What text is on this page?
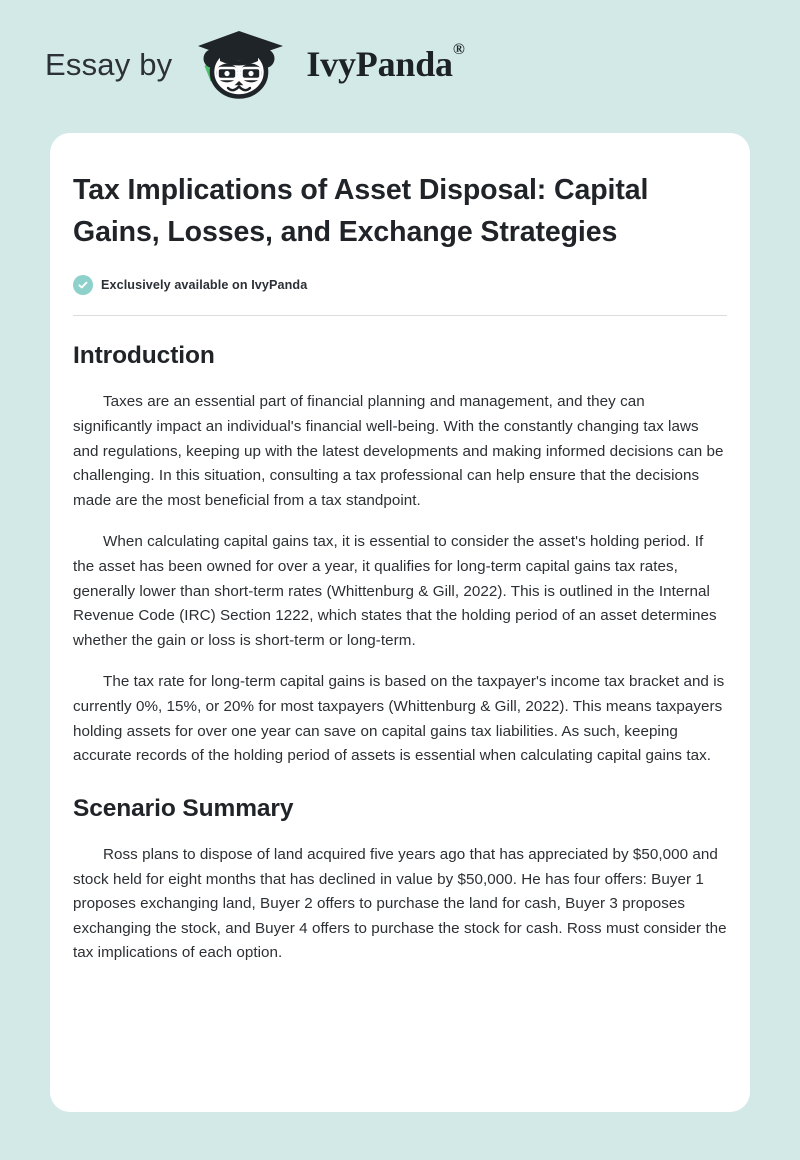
Essay by	IvyPanda®
Tax Implications of Asset Disposal: Capital Gains, Losses, and Exchange Strategies
Exclusively available on IvyPanda
Introduction

Taxes are an essential part of financial planning and management, and they can significantly impact an individual's financial well-being. With the constantly changing tax laws and regulations, keeping up with the latest developments and making informed decisions can be challenging. In this situation, consulting a tax professional can help ensure that the decisions made are the most beneficial from a tax standpoint.

When calculating capital gains tax, it is essential to consider the asset's holding period. If the asset has been owned for over a year, it qualifies for long-term capital gains tax rates, generally lower than short-term rates (Whittenburg & Gill, 2022). This is outlined in the Internal Revenue Code (IRC) Section 1222, which states that the holding period of an asset determines whether the gain or loss is short-term or long-term.

The tax rate for long-term capital gains is based on the taxpayer's income tax bracket and is currently 0%, 15%, or 20% for most taxpayers (Whittenburg & Gill, 2022). This means taxpayers holding assets for over one year can save on capital gains tax liabilities. As such, keeping accurate records of the holding period of assets is essential when calculating capital gains tax.

Scenario Summary

Ross plans to dispose of land acquired five years ago that has appreciated by $50,000 and stock held for eight months that has declined in value by $50,000. He has four offers: Buyer 1 proposes exchanging land, Buyer 2 offers to purchase the land for cash, Buyer 3 proposes exchanging the stock, and Buyer 4 offers to purchase the stock for cash. Ross must consider the tax implications of each option.
